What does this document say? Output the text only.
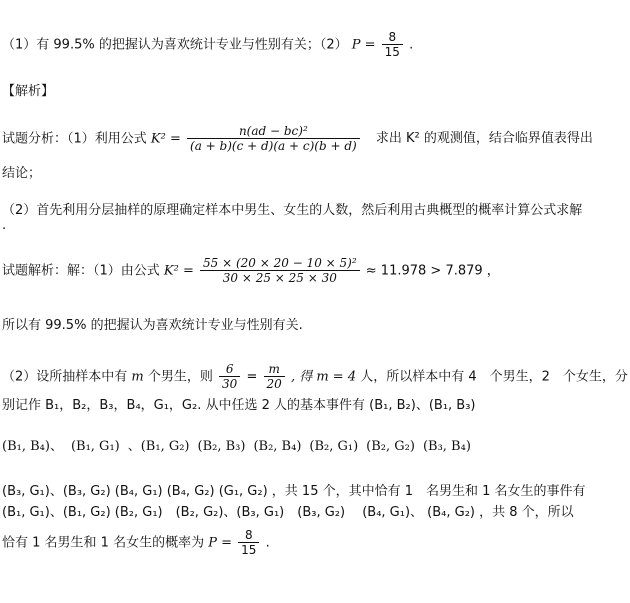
（1）有 99.5% 的把握认为喜欢统计专业与性别有关；（2） $P = \frac{8}{15}$ .
【解析】
试题分析：（1）利用公式 $K^2 = \frac{\text{n(ad − bc)²}}{(a + b)(c + d)(a + c)(b + d)}$ 求出 K² 的观测值，结合临界值表得出
结论；
（2）首先利用分层抽样的原理确定样本中男生、女生的人数，然后利用古典概型的概率计算公式求解
.
试题解析：解：（1）由公式 $K^2 = \frac{\text{55 × (20 × 20 − 10 × 5)²}}{30 \times 25 \times 25 \times 30} \approx 11.978 > 7.879$ ，
所以有 99.5% 的把握认为喜欢统计专业与性别有关.
（2）设所抽样本中有 m 个男生，则 $\frac{6}{30} = \frac{m}{20}$ , 得 m = 4 人，所以样本中有 4　个男生，2　个女生，分
别记作 B₁，B₂，B₃，B₄，G₁，G₂. 从中任选 2 人的基本事件有 (B₁, B₂)、(B₁, B₃)
(B₁, B₄)、 (B₁, G₁) 、(B₁, G₂) (B₂, B₃) (B₂, B₄) (B₂, G₁) (B₂, G₂) (B₃, B₄)
(B₃, G₁)、(B₃, G₂) (B₄, G₁) (B₄, G₂) (G₁, G₂) ，共 15 个，其中恰有 1　名男生和 1 名女生的事件有
(B₁, G₁)、(B₁, G₂) (B₂, G₁)　(B₂, G₂)、(B₃, G₁)　(B₃, G₂)　 (B₄, G₁)、 (B₄, G₂) ，共 8 个，所以
恰有 1 名男生和 1 名女生的概率为 $P = \frac{8}{15}$ .
